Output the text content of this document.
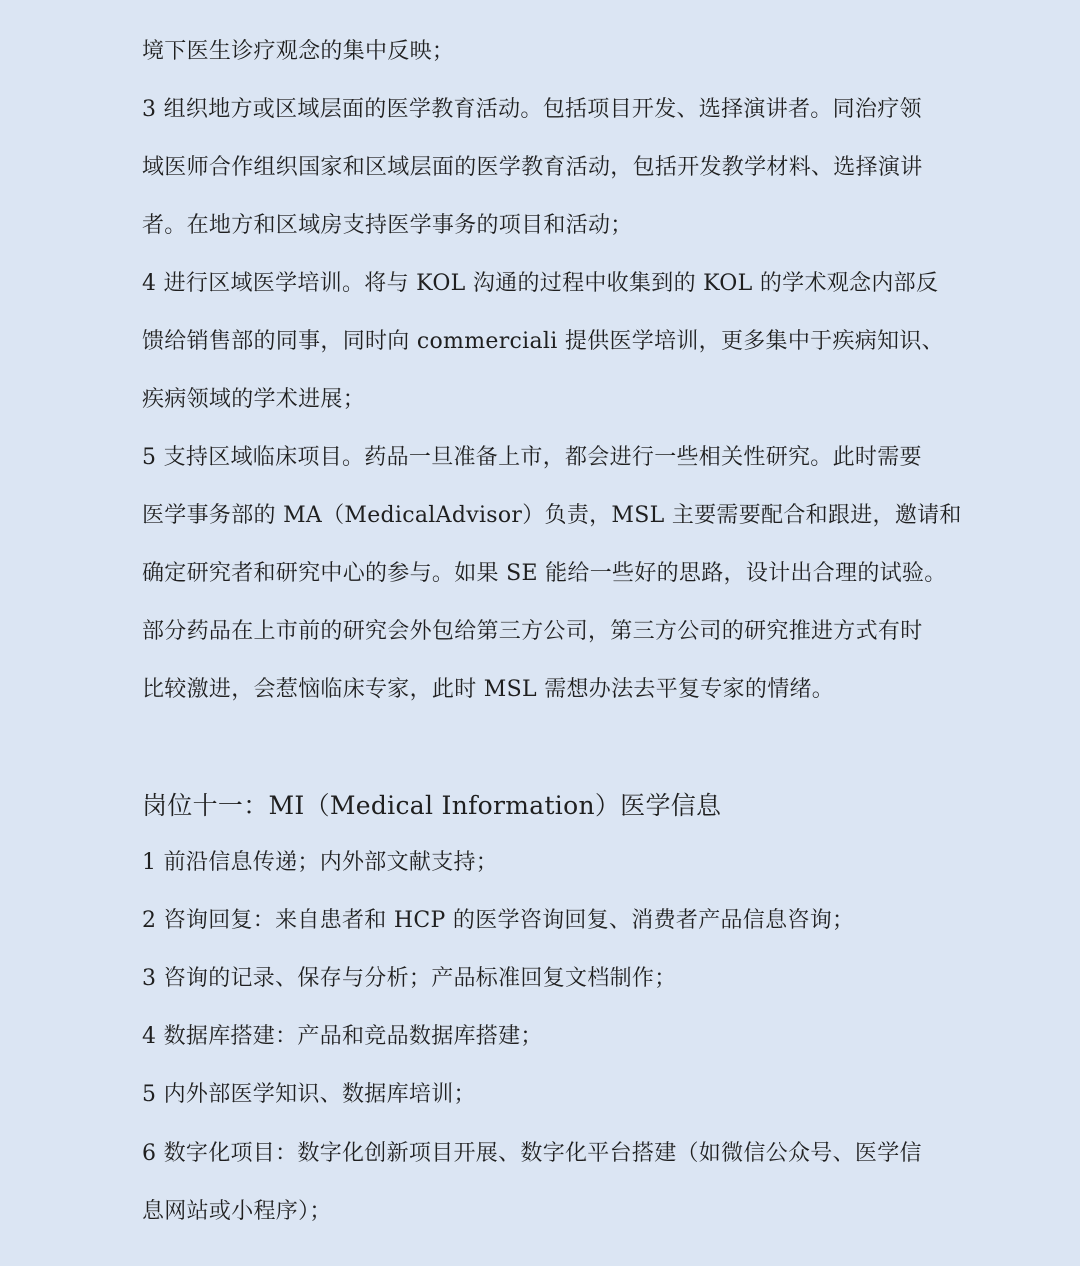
境下医生诊疗观念的集中反映；
3 组织地方或区域层面的医学教育活动。包括项目开发、选择演讲者。同治疗领
域医师合作组织国家和区域层面的医学教育活动，包括开发教学材料、选择演讲
者。在地方和区域房支持医学事务的项目和活动；
4 进行区域医学培训。将与 KOL 沟通的过程中收集到的 KOL 的学术观念内部反
馈给销售部的同事，同时向 commerciali 提供医学培训，更多集中于疾病知识、
疾病领域的学术进展；
5 支持区域临床项目。药品一旦准备上市，都会进行一些相关性研究。此时需要
医学事务部的 MA（MedicalAdvisor）负责，MSL 主要需要配合和跟进，邀请和
确定研究者和研究中心的参与。如果 SE 能给一些好的思路，设计出合理的试验。
部分药品在上市前的研究会外包给第三方公司，第三方公司的研究推进方式有时
比较激进，会惹恼临床专家，此时 MSL 需想办法去平复专家的情绪。
岗位十一：MI（Medical Information）医学信息
1 前沿信息传递；内外部文献支持；
2 咨询回复：来自患者和 HCP 的医学咨询回复、消费者产品信息咨询；
3 咨询的记录、保存与分析；产品标准回复文档制作；
4 数据库搭建：产品和竞品数据库搭建；
5 内外部医学知识、数据库培训；
6 数字化项目：数字化创新项目开展、数字化平台搭建（如微信公众号、医学信
息网站或小程序）；
